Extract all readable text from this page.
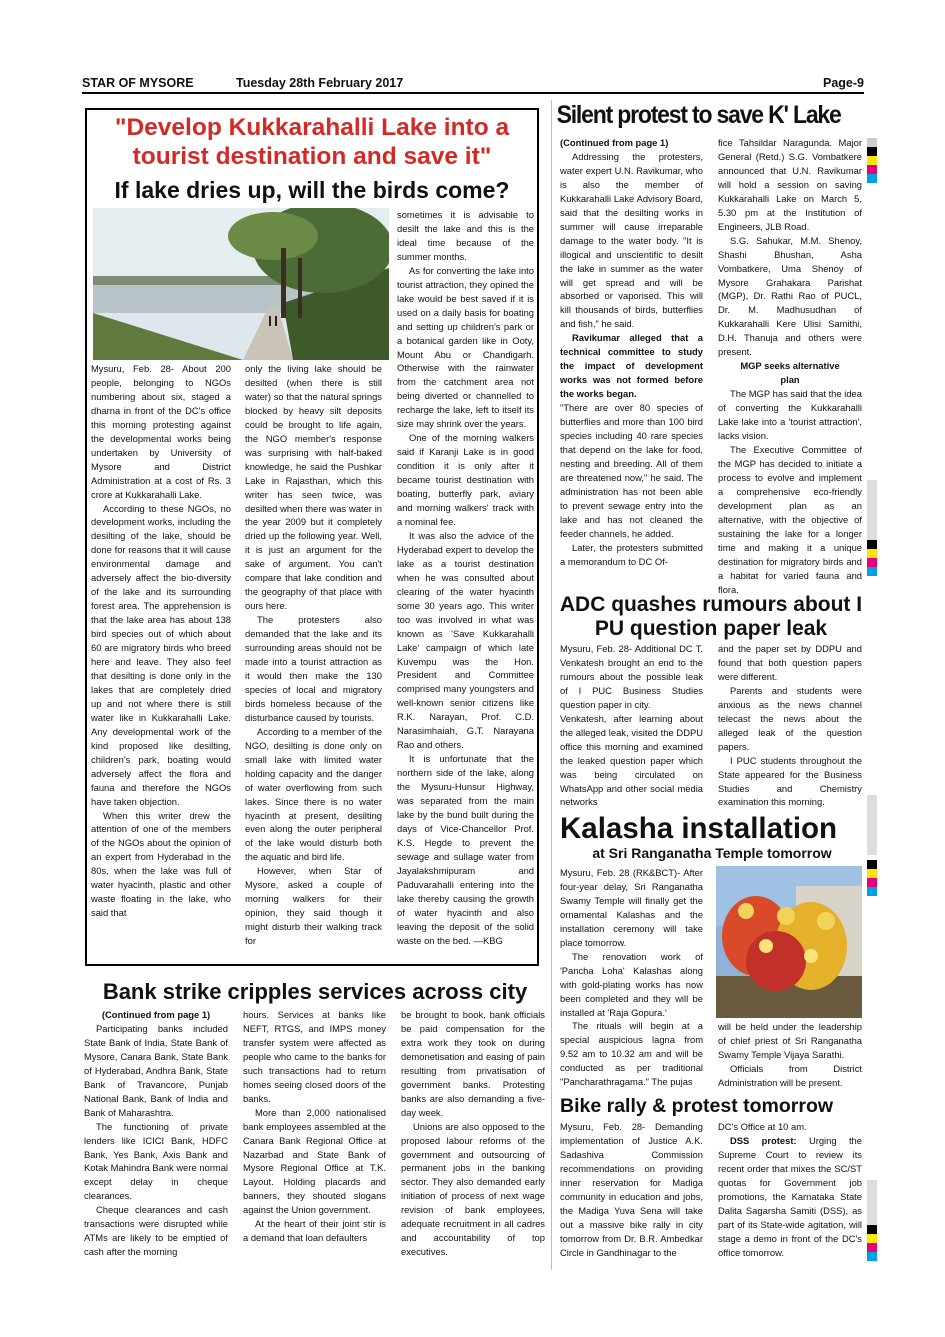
STAR OF MYSORE	Tuesday 28th February 2017	Page-9
"Develop Kukkarahalli Lake into a tourist destination and save it"
If lake dries up, will the birds come?

Mysuru, Feb. 28- About 200 people, belonging to NGOs numbering about six, staged a dharna in front of the DC's office this morning protesting against the developmental works being undertaken by University of Mysore and District Administration at a cost of Rs. 3 crore at Kukkarahalli Lake.

According to these NGOs, no development works, including the desilting of the lake, should be done for reasons that it will cause environmental damage and adversely affect the bio-diversity of the lake and its surrounding forest area. The apprehension is that the lake area has about 138 bird species out of which about 60 are migratory birds who breed here and leave. They also feel that desilting is done only in the lakes that are completely dried up and not where there is still water like in Kukkarahalli Lake. Any developmental work of the kind proposed like desilting, children's park, boating would adversely affect the flora and fauna and therefore the NGOs have taken objection.

When this writer drew the attention of one of the members of the NGOs about the opinion of an expert from Hyderabad in the 80s, when the lake was full of water hyacinth, plastic and other waste floating in the lake, who said that

only the living lake should be desilted (when there is still water) so that the natural springs blocked by heavy silt deposits could be brought to life again, the NGO member's response was surprising with half-baked knowledge, he said the Pushkar Lake in Rajasthan, which this writer has seen twice, was desilted when there was water in the year 2009 but it completely dried up the following year. Well, it is just an argument for the sake of argument. You can't compare that lake condition and the geography of that place with ours here.

The protesters also demanded that the lake and its surrounding areas should not be made into a tourist attraction as it would then make the 130 species of local and migratory birds homeless because of the disturbance caused by tourists.

According to a member of the NGO, desilting is done only on small lake with limited water holding capacity and the danger of water overflowing from such lakes. Since there is no water hyacinth at present, desilting even along the outer peripheral of the lake would disturb both the aquatic and bird life.

However, when Star of Mysore, asked a couple of morning walkers for their opinion, they said though it might disturb their walking track for

sometimes it is advisable to desilt the lake and this is the ideal time because of the summer months.

As for converting the lake into tourist attraction, they opined the lake would be best saved if it is used on a daily basis for boating and setting up children's park or a botanical garden like in Ooty, Mount Abu or Chandigarh. Otherwise with the rainwater from the catchment area not being diverted or channelled to recharge the lake, left to itself its size may shrink over the years.

One of the morning walkers said if Karanji Lake is in good condition it is only after it became tourist destination with boating, butterfly park, aviary and morning walkers' track with a nominal fee.

It was also the advice of the Hyderabad expert to develop the lake as a tourist destination when he was consulted about clearing of the water hyacinth some 30 years ago. This writer too was involved in what was known as 'Save Kukkarahalli Lake' campaign of which late Kuvempu was the Hon. President and Committee comprised many youngsters and well-known senior citizens like R.K. Narayan, Prof. C.D. Narasimhaiah, G.T. Narayana Rao and others.

It is unfortunate that the northern side of the lake, along the Mysuru-Hunsur Highway, was separated from the main lake by the bund built during the days of Vice-Chancellor Prof. K.S. Hegde to prevent the sewage and sullage water from Jayalakshmipuram and Paduvarahalli entering into the lake thereby causing the growth of water hyacinth and also leaving the deposit of the solid waste on the bed. —KBG

Silent protest to save K' Lake

(Continued from page 1)

Addressing the protesters, water expert U.N. Ravikumar, who is also the member of Kukkarahalli Lake Advisory Board, said that the desilting works in summer will cause irreparable damage to the water body. "It is illogical and unscientific to desilt the lake in summer as the water will get spread and will be absorbed or vaporised. This will kill thousands of birds, butterflies and fish," he said.

Ravikumar alleged that a technical committee to study the impact of development works was not formed before the works began.

"There are over 80 species of butterflies and more than 100 bird species including 40 rare species that depend on the lake for food, nesting and breeding. All of them are threatened now," he said. The administration has not been able to prevent sewage entry into the lake and has not cleaned the feeder channels, he added.

Later, the protesters submitted a memorandum to DC Of-

fice Tahsildar Naragunda. Major General (Retd.) S.G. Vombatkere announced that U.N. Ravikumar will hold a session on saving Kukkarahalli Lake on March 5, 5.30 pm at the Institution of Engineers, JLB Road.

S.G. Sahukar, M.M. Shenoy, Shashi Bhushan, Asha Vombatkere, Uma Shenoy of Mysore Grahakara Parishat (MGP), Dr. Rathi Rao of PUCL, Dr. M. Madhusudhan of Kukkarahalli Kere Ulisi Samithi, D.H. Thanuja and others were present.

MGP seeks alternative plan

The MGP has said that the idea of converting the Kukkarahalli Lake lake into a 'tourist attraction', lacks vision.

The Executive Committee of the MGP has decided to initiate a process to evolve and implement a comprehensive eco-friendly development plan as an alternative, with the objective of sustaining the lake for a longer time and making it a unique destination for migratory birds and a habitat for varied fauna and flora.

ADC quashes rumours about I PU question paper leak

Mysuru, Feb. 28- Additional DC T. Venkatesh brought an end to the rumours about the possible leak of I PUC Business Studies question paper in city.

Venkatesh, after learning about the alleged leak, visited the DDPU office this morning and examined the leaked question paper which was being circulated on WhatsApp and other social media networks

and the paper set by DDPU and found that both question papers were different.

Parents and students were anxious as the news channel telecast the news about the alleged leak of the question papers.

I PUC students throughout the State appeared for the Business Studies and Chemistry examination this morning.

Kalasha installation
at Sri Ranganatha Temple tomorrow

Mysuru, Feb. 28 (RK&BCT)- After four-year delay, Sri Ranganatha Swamy Temple will finally get the ornamental Kalashas and the installation ceremony will take place tomorrow.

The renovation work of 'Pancha Loha' Kalashas along with gold-plating works has now been completed and they will be installed at 'Raja Gopura.'

The rituals will begin at a special auspicious lagna from 9.52 am to 10.32 am and will be conducted as per traditional "Pancharathragama." The pujas

will be held under the leadership of chief priest of Sri Ranganatha Swamy Temple Vijaya Sarathi.

Officials from District Administration will be present.

Bank strike cripples services across city

(Continued from page 1)

Participating banks included State Bank of India, State Bank of Mysore, Canara Bank, State Bank of Hyderabad, Andhra Bank, State Bank of Travancore, Punjab National Bank, Bank of India and Bank of Maharashtra.

The functioning of private lenders like ICICI Bank, HDFC Bank, Yes Bank, Axis Bank and Kotak Mahindra Bank were normal except delay in cheque clearances.

Cheque clearances and cash transactions were disrupted while ATMs are likely to be emptied of cash after the morning

hours. Services at banks like NEFT, RTGS, and IMPS money transfer system were affected as people who came to the banks for such transactions had to return homes seeing closed doors of the banks.

More than 2,000 nationalised bank employees assembled at the Canara Bank Regional Office at Nazarbad and State Bank of Mysore Regional Office at T.K. Layout. Holding placards and banners, they shouted slogans against the Union government.

At the heart of their joint stir is a demand that loan defaulters

be brought to book, bank officials be paid compensation for the extra work they took on during demonetisation and easing of pain resulting from privatisation of government banks. Protesting banks are also demanding a five-day week.

Unions are also opposed to the proposed labour reforms of the government and outsourcing of permanent jobs in the banking sector. They also demanded early initiation of process of next wage revision of bank employees, adequate recruitment in all cadres and accountability of top executives.

Bike rally & protest tomorrow

Mysuru, Feb. 28- Demanding implementation of Justice A.K. Sadashiva Commission recommendations on providing inner reservation for Madiga community in education and jobs, the Madiga Yuva Sena will take out a massive bike rally in city tomorrow from Dr. B.R. Ambedkar Circle in Gandhinagar to the

DC's Office at 10 am.

DSS protest: Urging the Supreme Court to review its recent order that mixes the SC/ST quotas for Government job promotions, the Karnataka State Dalita Sagarsha Samiti (DSS), as part of its State-wide agitation, will stage a demo in front of the DC's office tomorrow.
